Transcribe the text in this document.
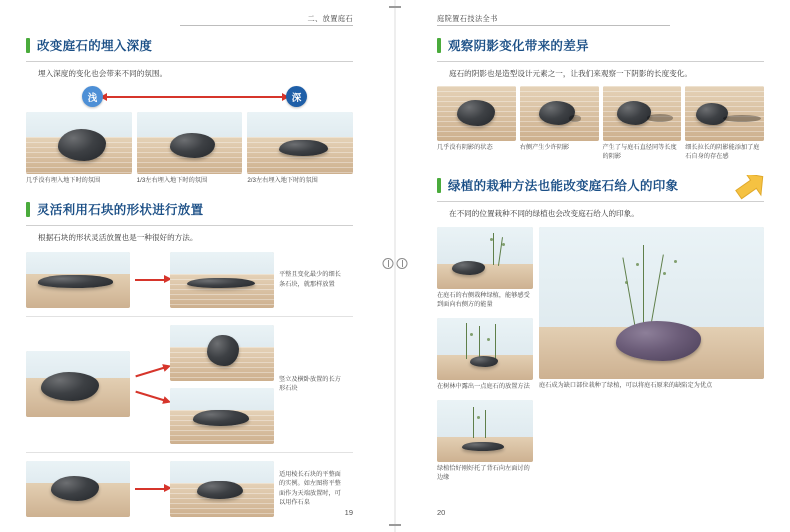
二、放置庭石
改变庭石的埋入深度

埋入深度的变化也会带来不同的氛围。

浅	深
几乎没有埋入地下时的氛围	1/3左右埋入地下时的氛围	2/3左右埋入地下时的氛围
灵活利用石块的形状进行放置

根据石块的形状灵活放置也是一种很好的方法。

平整且变化最少的细长条石块，就那样放置
竖立及横卧放置的长方形石块
适用棱长石块的平整面的实例。如左图将平整面作为天端放置时，可以用作石臬
19
庭院置石技法全书
观察阴影变化带来的差异

庭石的阴影也是造型设计元素之一，让我们来观察一下阴影的长度变化。

几乎没有阴影的状态	右侧产生少许阴影	产生了与庭石直径同等长度的阴影
细长拉长的阴影能添加了庭石自身的存在感
绿植的栽种方法也能改变庭石给人的印象

在不同的位置栽种不同的绿植也会改变庭石给人的印象。

在庭石的右侧栽种绿植，能够感受到面向右侧方的能量
在树林中露出一点庭石的放置方法
绿植恰好刚好托了背石向左面讨的边缘
庭石成为缺口部位栽种了绿植，可以将庭石原来的缺陷定为优点
20
